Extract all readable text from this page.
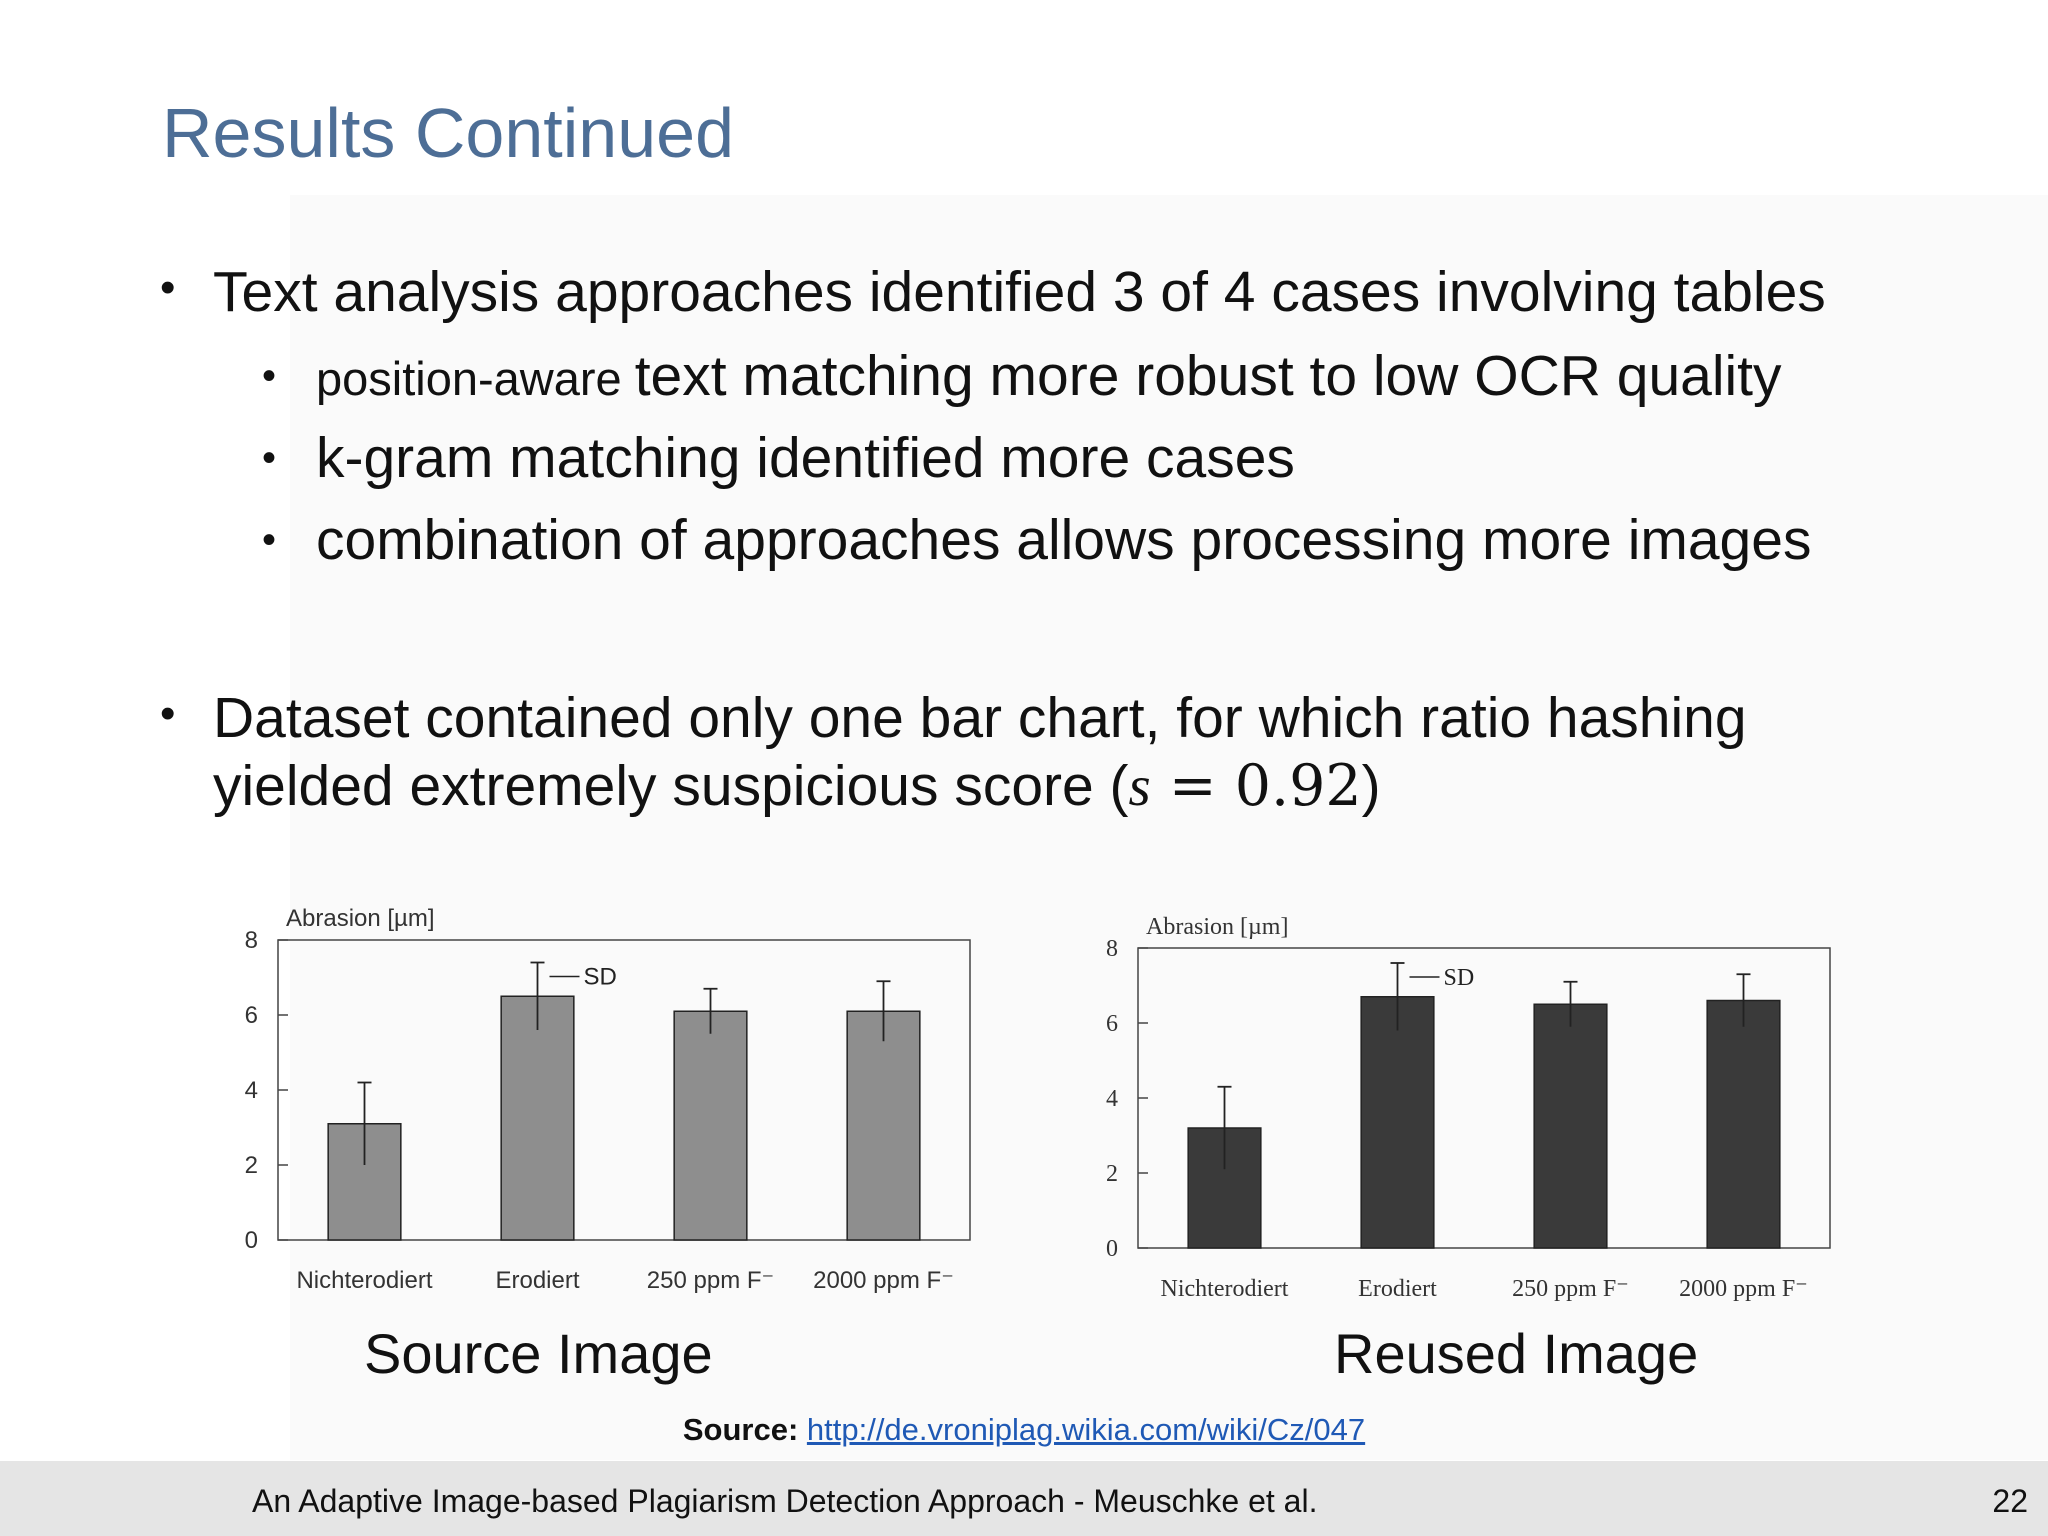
Results Continued
• Text analysis approaches identified 3 of 4 cases involving tables
• position-aware text matching more robust to low OCR quality
• k-gram matching identified more cases
• combination of approaches allows processing more images
• Dataset contained only one bar chart, for which ratio hashing
yielded extremely suspicious score (s = 0.92)
Abrasion [µm]
0
2
4
6
8
Nichterodiert
SD
Erodiert	250 ppm F⁻ 2000 ppm F⁻
Abrasion [µm]
0
2
4
6
8
Nichterodiert
SD
Erodiert	250 ppm F⁻ 2000 ppm F⁻
Source Image	Reused Image
Source: http://de.vroniplag.wikia.com/wiki/Cz/047
An Adaptive Image-based Plagiarism Detection Approach - Meuschke et al.	22
